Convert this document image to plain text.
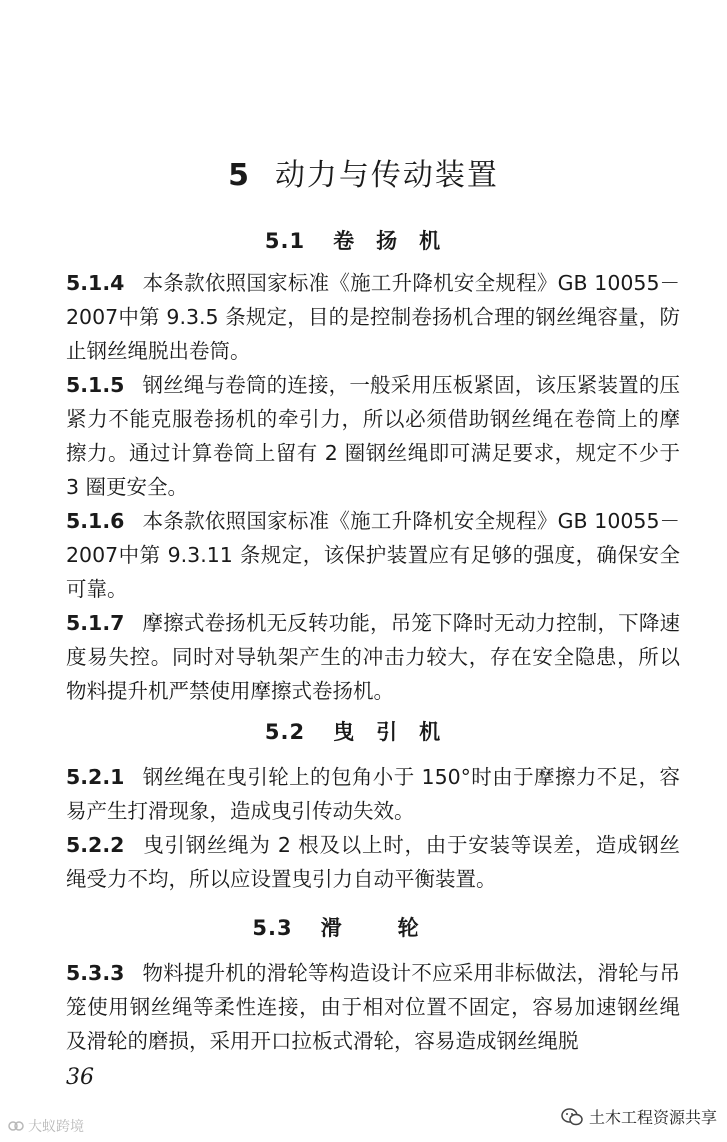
5 动力与传动装置
5.1 卷扬机
5.1.4 本条款依照国家标准《施工升降机安全规程》GB 10055－2007中第 9.3.5 条规定，目的是控制卷扬机合理的钢丝绳容量，防止钢丝绳脱出卷筒。
5.1.5 钢丝绳与卷筒的连接，一般采用压板紧固，该压紧装置的压紧力不能克服卷扬机的牵引力，所以必须借助钢丝绳在卷筒上的摩擦力。通过计算卷筒上留有 2 圈钢丝绳即可满足要求，规定不少于 3 圈更安全。
5.1.6 本条款依照国家标准《施工升降机安全规程》GB 10055－2007中第 9.3.11 条规定，该保护装置应有足够的强度，确保安全可靠。
5.1.7 摩擦式卷扬机无反转功能，吊笼下降时无动力控制，下降速度易失控。同时对导轨架产生的冲击力较大，存在安全隐患，所以物料提升机严禁使用摩擦式卷扬机。
5.2 曳引机
5.2.1 钢丝绳在曳引轮上的包角小于 150°时由于摩擦力不足，容易产生打滑现象，造成曳引传动失效。
5.2.2 曳引钢丝绳为 2 根及以上时，由于安装等误差，造成钢丝绳受力不均，所以应设置曳引力自动平衡装置。
5.3 滑轮
5.3.3 物料提升机的滑轮等构造设计不应采用非标做法，滑轮与吊笼使用钢丝绳等柔性连接，由于相对位置不固定，容易加速钢丝绳及滑轮的磨损，采用开口拉板式滑轮，容易造成钢丝绳脱
36
大蚁跨境	土木工程资源共享
